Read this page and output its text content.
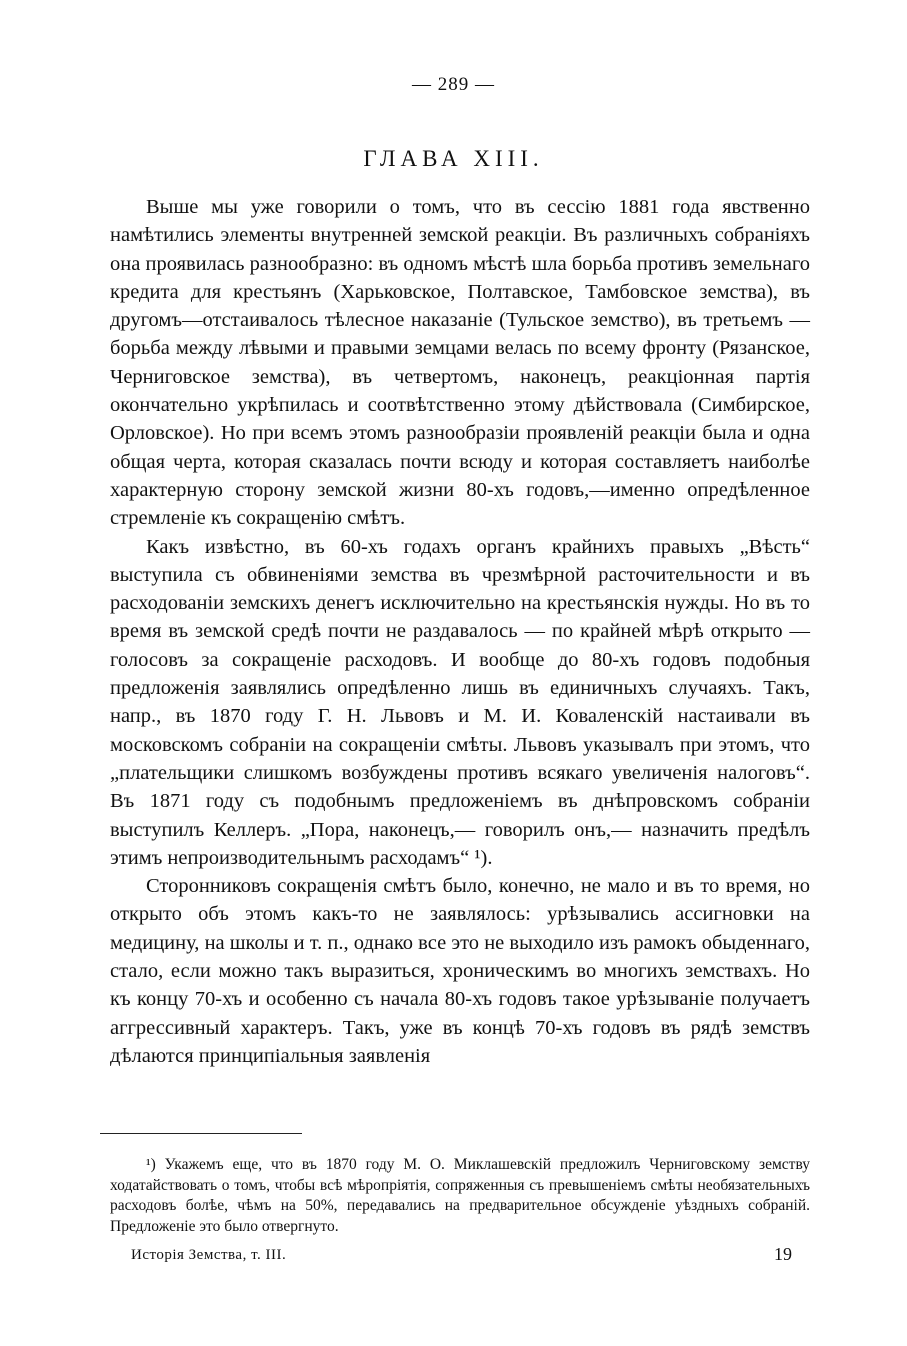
— 289 —
ГЛАВА XIII.

Выше мы уже говорили о томъ, что въ сессію 1881 года явственно намѣтились элементы внутренней земской реакціи. Въ различныхъ собраніяхъ она проявилась разнообразно: въ одномъ мѣстѣ шла борьба противъ земельнаго кредита для крестьянъ (Харьковское, Полтавское, Тамбовское земства), въ другомъ—отстаивалось тѣлесное наказаніе (Тульское земство), въ третьемъ — борьба между лѣвыми и правыми земцами велась по всему фронту (Рязанское, Черниговское земства), въ четвертомъ, наконецъ, реакціонная партія окончательно укрѣпилась и соотвѣтственно этому дѣйствовала (Симбирское, Орловское). Но при всемъ этомъ разнообразіи проявленій реакціи была и одна общая черта, которая сказалась почти всюду и которая составляетъ наиболѣе характерную сторону земской жизни 80-хъ годовъ,—именно опредѣленное стремленіе къ сокращенію смѣтъ.

Какъ извѣстно, въ 60-хъ годахъ органъ крайнихъ правыхъ „Вѣсть“ выступила съ обвиненіями земства въ чрезмѣрной расточительности и въ расходованіи земскихъ денегъ исключительно на крестьянскія нужды. Но въ то время въ земской средѣ почти не раздавалось — по крайней мѣрѣ открыто — голосовъ за сокращеніе расходовъ. И вообще до 80-хъ годовъ подобныя предложенія заявлялись опредѣленно лишь въ единичныхъ случаяхъ. Такъ, напр., въ 1870 году Г. Н. Львовъ и М. И. Коваленскій настаивали въ московскомъ собраніи на сокращеніи смѣты. Львовъ указывалъ при этомъ, что „плательщики слишкомъ возбуждены противъ всякаго увеличенія налоговъ“. Въ 1871 году съ подобнымъ предложеніемъ въ днѣпровскомъ собраніи выступилъ Келлеръ. „Пора, наконецъ,— говорилъ онъ,— назначить предѣлъ этимъ непроизводительнымъ расходамъ“ ¹).

Сторонниковъ сокращенія смѣтъ было, конечно, не мало и въ то время, но открыто объ этомъ какъ-то не заявлялось: урѣзывались ассигновки на медицину, на школы и т. п., однако все это не выходило изъ рамокъ обыденнаго, стало, если можно такъ выразиться, хроническимъ во многихъ земствахъ. Но къ концу 70-хъ и особенно съ начала 80-хъ годовъ такое урѣзываніе получаетъ аггрессивный характеръ. Такъ, уже въ концѣ 70-хъ годовъ въ рядѣ земствъ дѣлаются принципіальныя заявленія

¹) Укажемъ еще, что въ 1870 году М. О. Миклашевскій предложилъ Черниговскому земству ходатайствовать о томъ, чтобы всѣ мѣропріятія, сопряженныя съ превышеніемъ смѣты необязательныхъ расходовъ болѣе, чѣмъ на 50%, передавались на предварительное обсужденіе уѣздныхъ собраній. Предложеніе это было отвергнуто.

Исторія Земства, т. III.	19
